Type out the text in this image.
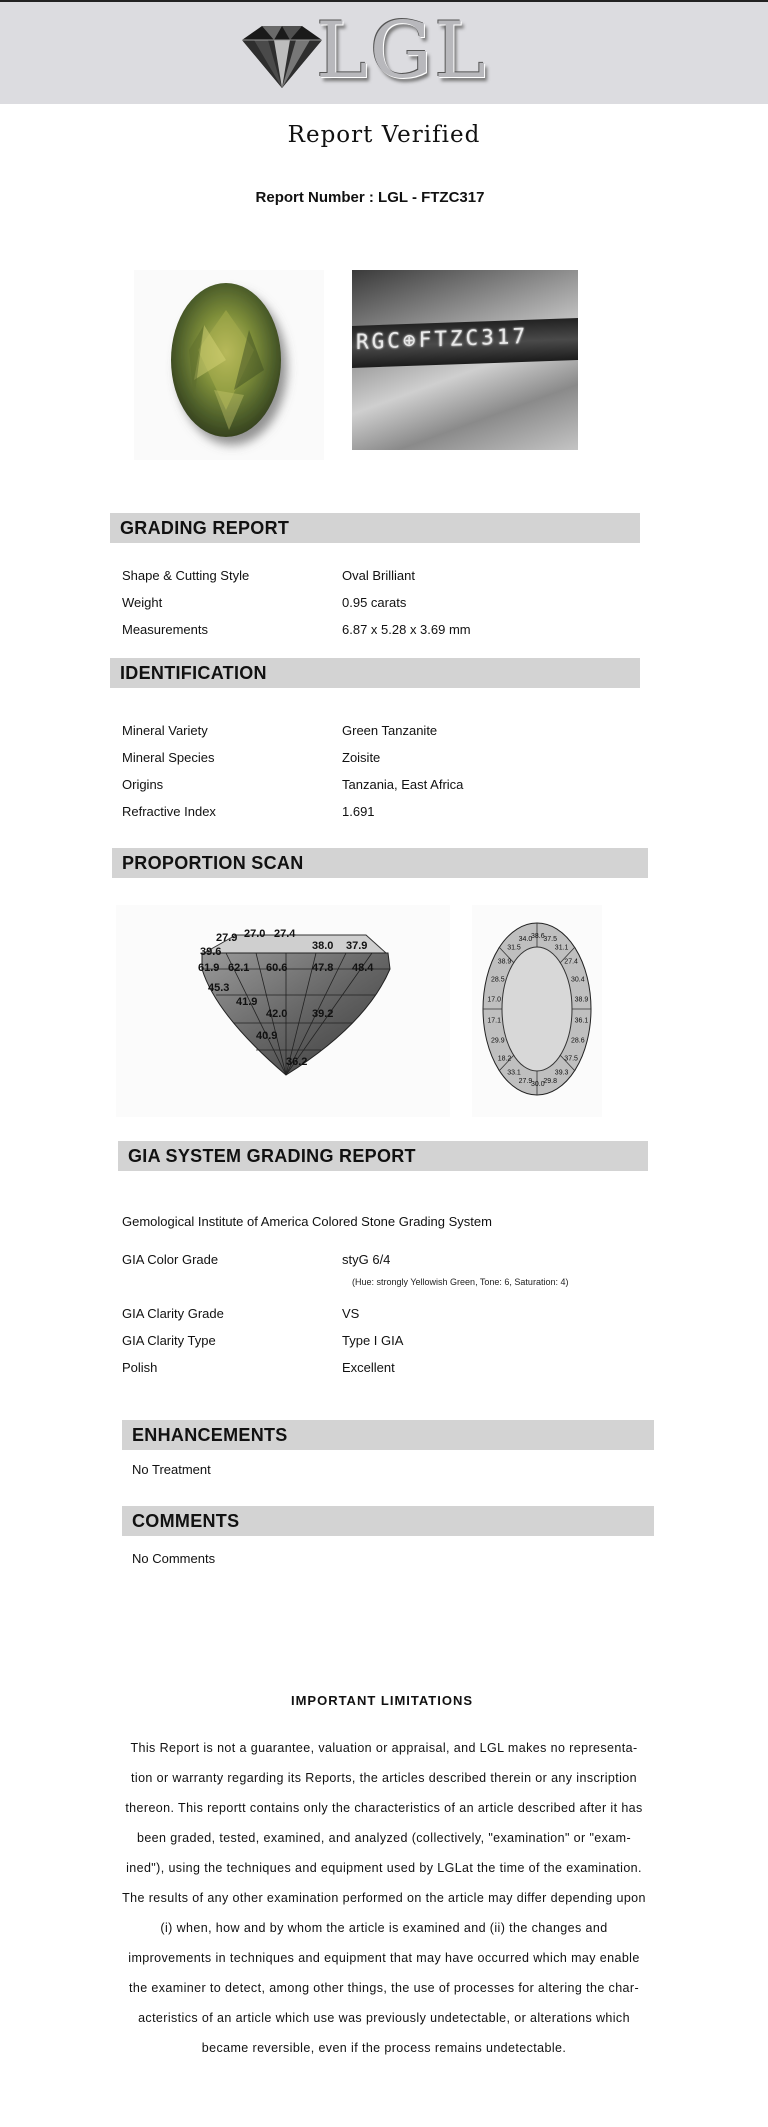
LGL
Report Verified
Report Number : LGL - FTZC317
RGC⊕FTZC317
GRADING REPORT
Shape & Cutting Style	Oval Brilliant
Weight	0.95 carats
Measurements	6.87 x 5.28 x 3.69 mm
IDENTIFICATION
Mineral Variety	Green Tanzanite
Mineral Species	Zoisite
Origins	Tanzania, East Africa
Refractive Index	1.691
PROPORTION SCAN
27.9 27.0 27.4
39.6	38.0 37.9
61.9 62.1 60.6 47.8 48.4
45.3
41.9
42.0 39.2
40.9
36.2
38.6
37.5
31.1
27.4
30.4
38.9
36.1
28.6
37.5
39.3
29.8
30.0
27.9
33.1
18.2
29.9
17.1
17.0
28.5
38.9
31.5
34.0
GIA SYSTEM GRADING REPORT
Gemological Institute of America Colored Stone Grading System
GIA Color Grade	styG 6/4
(Hue: strongly Yellowish Green, Tone: 6, Saturation: 4)
GIA Clarity Grade	VS
GIA Clarity Type	Type I GIA
Polish	Excellent
ENHANCEMENTS
No Treatment
COMMENTS
No Comments
IMPORTANT LIMITATIONS
This Report is not a guarantee, valuation or appraisal, and LGL makes no representa- tion or warranty regarding its Reports, the articles described therein or any inscription thereon. This reportt contains only the characteristics of an article described after it has been graded, tested, examined, and analyzed (collectively, "examination" or "exam- ined"), using the techniques and equipment used by LGLat the time of the examination. The results of any other examination performed on the article may differ depending upon (i) when, how and by whom the article is examined and (ii) the changes and improvements in techniques and equipment that may have occurred which may enable the examiner to detect, among other things, the use of processes for altering the char- acteristics of an article which use was previously undetectable, or alterations which became reversible, even if the process remains undetectable.
